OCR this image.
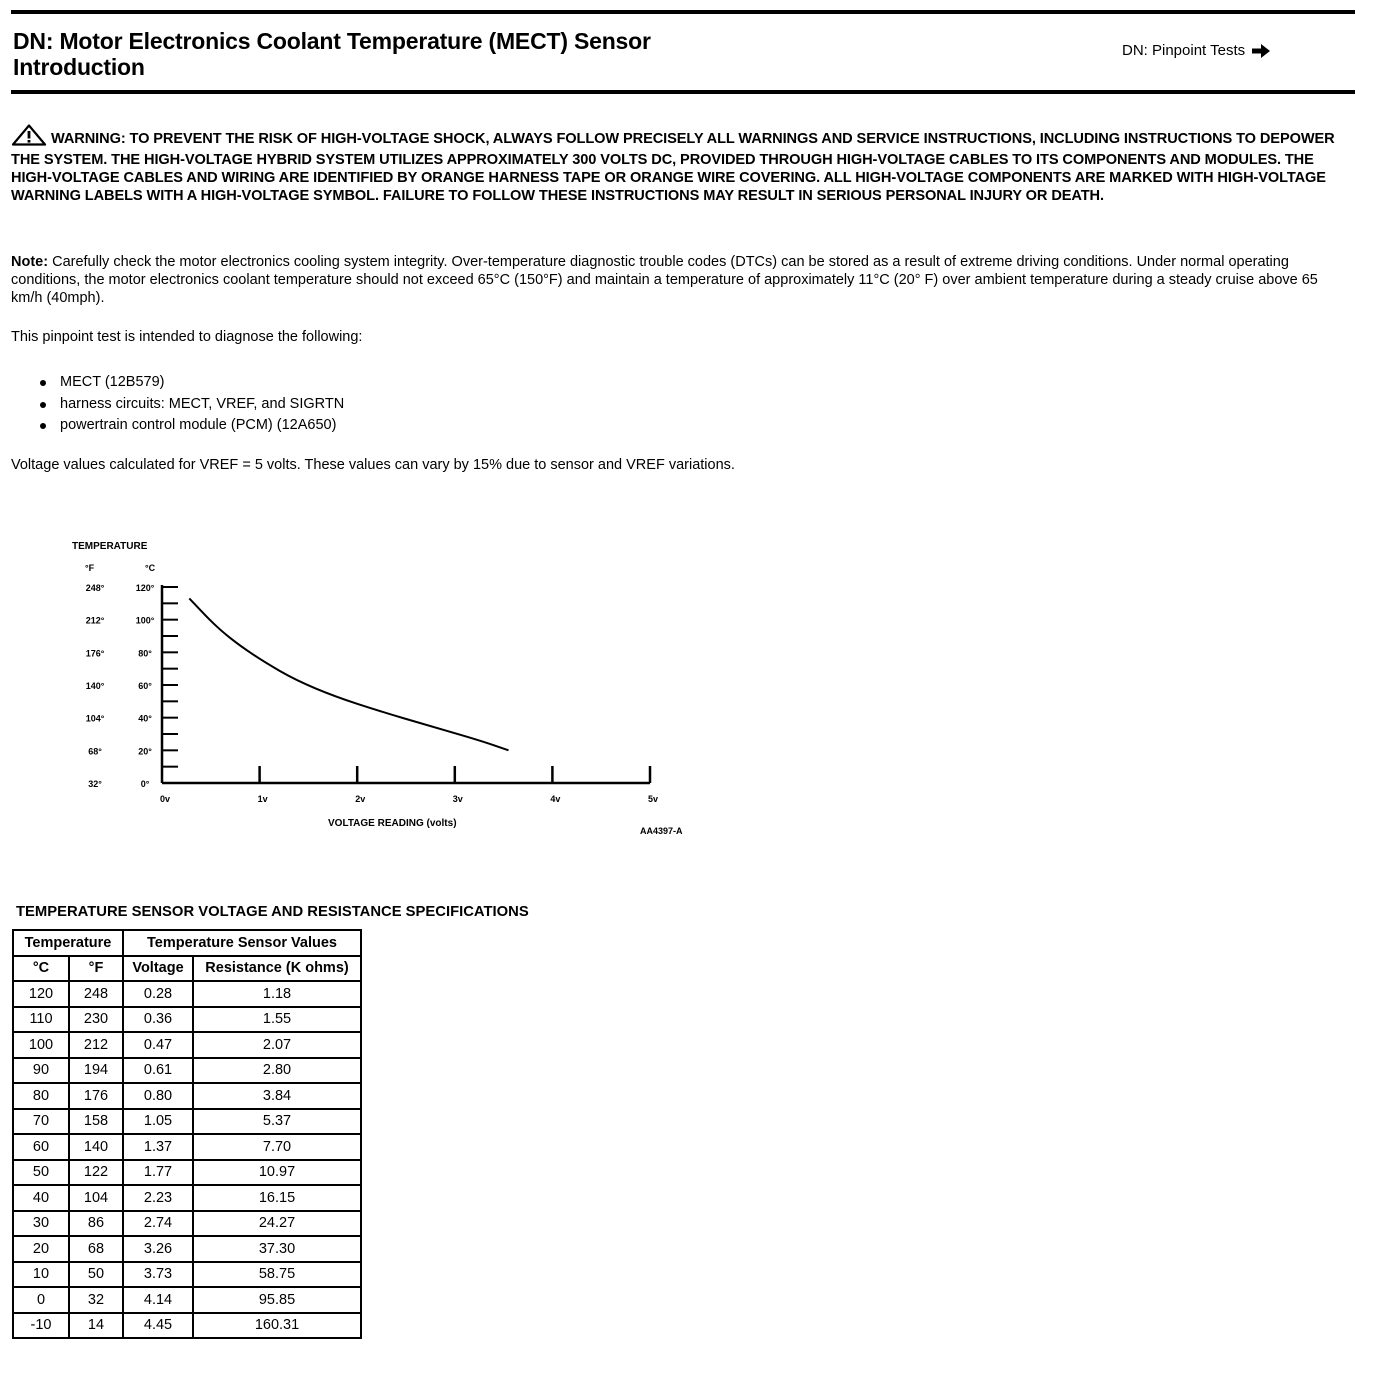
DN: Motor Electronics Coolant Temperature (MECT) Sensor
Introduction
DN: Pinpoint Tests
WARNING: TO PREVENT THE RISK OF HIGH-VOLTAGE SHOCK, ALWAYS FOLLOW PRECISELY ALL WARNINGS AND SERVICE INSTRUCTIONS, INCLUDING INSTRUCTIONS TO DEPOWER THE SYSTEM. THE HIGH-VOLTAGE HYBRID SYSTEM UTILIZES APPROXIMATELY 300 VOLTS DC, PROVIDED THROUGH HIGH-VOLTAGE CABLES TO ITS COMPONENTS AND MODULES. THE HIGH-VOLTAGE CABLES AND WIRING ARE IDENTIFIED BY ORANGE HARNESS TAPE OR ORANGE WIRE COVERING. ALL HIGH-VOLTAGE COMPONENTS ARE MARKED WITH HIGH-VOLTAGE WARNING LABELS WITH A HIGH-VOLTAGE SYMBOL. FAILURE TO FOLLOW THESE INSTRUCTIONS MAY RESULT IN SERIOUS PERSONAL INJURY OR DEATH.
Note: Carefully check the motor electronics cooling system integrity. Over-temperature diagnostic trouble codes (DTCs) can be stored as a result of extreme driving conditions. Under normal operating conditions, the motor electronics coolant temperature should not exceed 65°C (150°F) and maintain a temperature of approximately 11°C (20° F) over ambient temperature during a steady cruise above 65 km/h (40mph).
This pinpoint test is intended to diagnose the following:
MECT (12B579)
harness circuits: MECT, VREF, and SIGRTN
powertrain control module (PCM) (12A650)
Voltage values calculated for VREF = 5 volts. These values can vary by 15% due to sensor and VREF variations.
TEMPERATURE
°F	°C
0v	1v	2v	3v	4v	5v
248°	120°
212°	100°
176°	80°
140°	60°
104°	40°
68°	20°
32°	0°
VOLTAGE READING (volts)
AA4397-A
TEMPERATURE SENSOR VOLTAGE AND RESISTANCE SPECIFICATIONS
Temperature		Temperature Sensor Values	
°C	°F	Voltage	Resistance (K ohms)
120	248	0.28	1.18
110	230	0.36	1.55
100	212	0.47	2.07
90	194	0.61	2.80
80	176	0.80	3.84
70	158	1.05	5.37
60	140	1.37	7.70
50	122	1.77	10.97
40	104	2.23	16.15
30	86	2.74	24.27
20	68	3.26	37.30
10	50	3.73	58.75
0	32	4.14	95.85
-10	14	4.45	160.31
